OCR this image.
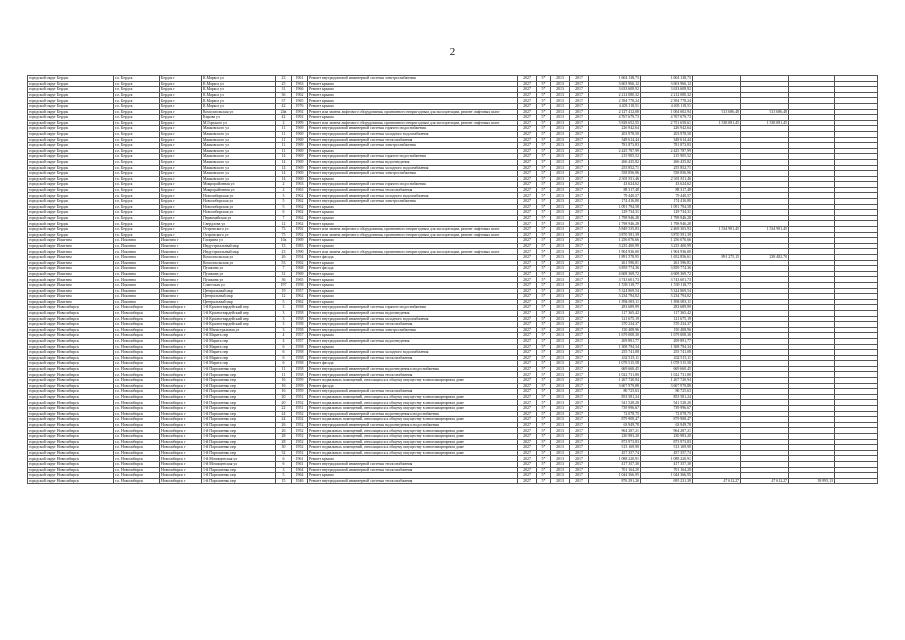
2
городской округ Бердск	г.о. Бердск	Бердск г	К.Маркса ул	23	1961	Ремонт внутридомовой инженерной системы электроснабжения	2027	5*	2013	2017	1 604 138,73	1 604 138,73				
городской округ Бердск	г.о. Бердск	Бердск г	К.Маркса ул	25	1963	Ремонт крыши	2027	5*	2013	2017	3 603 966,12	3 603 966,12				
городской округ Бердск	г.о. Бердск	Бердск г	К.Маркса ул	31	1966	Ремонт крыши	2027	5*	2013	2017	3 633 608,92	3 633 608,92				
городской округ Бердск	г.о. Бердск	Бердск г	К.Маркса ул	36	1962	Ремонт крыши	2027	5*	2013	2017	2 212 080,32	2 212 080,32				
городской округ Бердск	г.о. Бердск	Бердск г	К.Маркса ул	37	1965	Ремонт крыши	2027	5*	2013	2017	2 394 778,24	2 394 778,24				
городской округ Бердск	г.о. Бердск	Бердск г	К.Маркса ул	42	1976	Ремонт крыши	2027	5*	2013	2017	4 403 118,51	4 403 118,51				
городской округ Бердск	г.о. Бердск	Бердск г	Комсомольская ул	24в	1992	Ремонт или замена лифтового оборудования, признанного непригодным для эксплуатации, ремонт лифтовых шахт	2027	5*	2013	2017	2 127 412,08	1 004 602,94	513 686,48	513 686,48		
городской округ Бердск	г.о. Бердск	Бердск г	Кирова ул	42	1992	Ремонт крыши	2027	5*	2013	2017	4 767 679,73	4 767 679,73				
городской округ Бердск	г.о. Бердск	Бердск г	М.Горького ул	2	1999	Ремонт или замена лифтового оборудования, признанного непригодным для эксплуатации, ремонт лифтовых шахт	2027	5*	2013	2017	5 828 652,55	2 751 658,61	1 538 081,45	1 538 081,45		
городской округ Бердск	г.о. Бердск	Бердск г	Маяковского ул	11	1969	Ремонт внутридомовой инженерной системы горячего водоснабжения	2027	5*	2013	2017	226 942,64	226 942,64				
городской округ Бердск	г.о. Бердск	Бердск г	Маяковского ул	11	1969	Ремонт внутридомовой инженерной системы холодного водоснабжения	2027	5*	2013	2017	203 978,50	203 978,50				
городской округ Бердск	г.о. Бердск	Бердск г	Маяковского ул	11	1969	Ремонт внутридомовой инженерной системы теплоснабжения	2027	5*	2013	2017	348 614,44	348 614,44				
городской округ Бердск	г.о. Бердск	Бердск г	Маяковского ул	11	1969	Ремонт внутридомовой инженерной системы электроснабжения	2027	5*	2013	2017	781 873,83	781 873,83				
городской округ Бердск	г.о. Бердск	Бердск г	Маяковского ул	11	1969	Ремонт крыши	2027	5*	2013	2017	2 425 787,99	2 425 787,99				
городской округ Бердск	г.о. Бердск	Бердск г	Маяковского ул	14	1969	Ремонт внутридомовой инженерной системы горячего водоснабжения	2027	5*	2013	2017	215 905,52	215 905,52				
городской округ Бердск	г.о. Бердск	Бердск г	Маяковского ул	14	1969	Ремонт внутридомовой инженерной системы водоотведения	2027	5*	2013	2017	266 435,82	266 435,82				
городской округ Бердск	г.о. Бердск	Бердск г	Маяковского ул	14	1969	Ремонт внутридомовой инженерной системы холодного водоснабжения	2027	5*	2013	2017	255 852,71	255 852,71				
городской округ Бердск	г.о. Бердск	Бердск г	Маяковского ул	14	1969	Ремонт внутридомовой инженерной системы электроснабжения	2027	5*	2013	2017	558 856,96	558 856,96				
городской округ Бердск	г.о. Бердск	Бердск г	Маяковского ул	14	1969	Ремонт крыши	2027	5*	2013	2017	2 301 811,46	2 301 811,46				
городской округ Бердск	г.о. Бердск	Бердск г	Микрорайонная ул	2	1963	Ремонт внутридомовой инженерной системы горячего водоснабжения	2027	5*	2013	2017	43 624,62	43 624,62				
городской округ Бердск	г.о. Бердск	Бердск г	Микрорайонная ул	2	1963	Ремонт внутридомовой инженерной системы теплоснабжения	2027	5*	2013	2017	88 317,48	88 317,48				
городской округ Бердск	г.о. Бердск	Бердск г	Новосибирская ул	5	1962	Ремонт внутридомовой инженерной системы холодного водоснабжения	2027	5*	2013	2017	79 440,57	79 440,57				
городской округ Бердск	г.о. Бердск	Бердск г	Новосибирская ул	5	1962	Ремонт внутридомовой инженерной системы электроснабжения	2027	5*	2013	2017	174 416,80	174 416,80				
городской округ Бердск	г.о. Бердск	Бердск г	Новосибирская ул	5	1962	Ремонт крыши	2027	5*	2013	2017	1 091 794,58	1 091 794,58				
городской округ Бердск	г.о. Бердск	Бердск г	Новосибирская ул	6	1962	Ремонт крыши	2027	5*	2013	2017	129 734,31	129 734,31				
городской округ Бердск	г.о. Бердск	Бердск г	Первомайская ул	7	1962	Ремонт крыши	2027	5*	2013	2017	1 798 946,28	1 798 946,28				
городской округ Бердск	г.о. Бердск	Бердск г	Свердлова ул	12	1962	Ремонт крыши	2027	5*	2013	2017	1 798 946,28	1 798 946,28				
городской округ Бердск	г.о. Бердск	Бердск г	Островского ул	73	1992	Ремонт или замена лифтового оборудования, признанного непригодным для эксплуатации, ремонт лифтовых шахт	2027	5*	2013	2017	5 849 535,83	2 469 303,93	1 534 981,45	1 534 981,45		
городской округ Бердск	г.о. Бердск	Бердск г	Островского ул	75	1992	Ремонт или замена лифтового оборудования, признанного непригодным для эксплуатации, ремонт лифтовых шахт	2027	5*	2013	2017	3 870 591,39	3 870 591,39				
городской округ Искитим	г.о. Искитим	Искитим г	Гагарина ул	10а	1969	Ремонт крыши	2027	5*	2013	2017	1 256 076,66	1 256 076,66				
городской округ Искитим	г.о. Искитим	Искитим г	Индустриальный мкр	15	1983	Ремонт крыши	2027	5*	2013	2017	3 235 400,99	3 235 400,99				
городской округ Искитим	г.о. Искитим	Искитим г	Индустриальный мкр	23	1990	Ремонт или замена лифтового оборудования, признанного непригодным для эксплуатации, ремонт лифтовых шахт	2027	5*	2013	2017	1 904 936,00	1 904 936,00				
городской округ Искитим	г.о. Искитим	Искитим г	Комсомольская ул	26	1954	Ремонт фасада	2027	5*	2013	2017	1 891 578,95	1 652 856,61	891 275,15	238 482,70		
городской округ Искитим	г.о. Искитим	Искитим г	Комсомольская ул	53	1962	Ремонт крыши	2027	5*	2013	2017	261 596,81	261 596,81				
городской округ Искитим	г.о. Искитим	Искитим г	Пушкина ул	7	1968	Ремонт фасада	2027	5*	2013	2017	3 859 774,36	3 859 774,36				
городской округ Искитим	г.о. Искитим	Искитим г	Пушкина ул	31	1969	Ремонт крыши	2027	5*	2013	2017	4 608 369,72	4 608 369,72				
городской округ Искитим	г.о. Искитим	Искитим г	Пушкина ул	36	1965	Ремонт крыши	2027	5*	2013	2017	3 743 601,73	3 743 601,73				
городской округ Искитим	г.о. Искитим	Искитим г	Советская ул	197	1958	Ремонт крыши	2027	5*	2013	2017	1 539 118,77	1 539 118,77				
городской округ Искитим	г.о. Искитим	Искитим г	Центральный мкр	19	1957	Ремонт крыши	2027	5*	2013	2017	5 324 869,54	5 324 869,54				
городской округ Искитим	г.о. Искитим	Искитим г	Центральный мкр	12	1962	Ремонт крыши	2027	5*	2013	2017	3 234 794,02	3 234 794,02				
городской округ Искитим	г.о. Искитим	Искитим г	Центральный мкр	5	1962	Ремонт крыши	2027	5*	2013	2017	1 894 693,11	1 894 693,11				
городской округ Новосибирск	г.о. Новосибирск	Новосибирск г	1-й Красногвардейский пер	3	1958	Ремонт внутридомовой инженерной системы горячего водоснабжения	2027	5*	2013	2017	283 689,99	283 689,99				
городской округ Новосибирск	г.о. Новосибирск	Новосибирск г	1-й Красногвардейский пер	3	1958	Ремонт внутридомовой инженерной системы водоотведения	2027	5*	2013	2017	117 365,42	117 365,42				
городской округ Новосибирск	г.о. Новосибирск	Новосибирск г	1-й Красногвардейский пер	3	1958	Ремонт внутридомовой инженерной системы холодного водоснабжения	2027	5*	2013	2017	121 675,19	121 675,19				
городской округ Новосибирск	г.о. Новосибирск	Новосибирск г	1-й Красногвардейский пер	3	1958	Ремонт внутридомовой инженерной системы теплоснабжения	2027	5*	2013	2017	370 234,37	370 234,37				
городской округ Новосибирск	г.о. Новосибирск	Новосибирск г	1-й Магистральная ул	3	1958	Ремонт внутридомовой инженерной системы электроснабжения	2027	5*	2013	2017	150 408,96	150 408,96				
городской округ Новосибирск	г.о. Новосибирск	Новосибирск г	1-й Марата пер	4	1957	Ремонт крыши	2027	5*	2013	2017	1 679 008,30	1 679 008,30				
городской округ Новосибирск	г.о. Новосибирск	Новосибирск г	1-й Марата пер	4	1957	Ремонт внутридомовой инженерной системы водоотведения	2027	5*	2013	2017	209 891,77	209 891,77				
городской округ Новосибирск	г.о. Новосибирск	Новосибирск г	1-й Марата пер	6	1958	Ремонт крыши	2027	5*	2013	2017	1 308 794,34	1 308 794,34				
городской округ Новосибирск	г.о. Новосибирск	Новосибирск г	1-й Марата пер	6	1958	Ремонт внутридомовой инженерной системы холодного водоснабжения	2027	5*	2013	2017	255 741,08	255 741,08				
городской округ Новосибирск	г.о. Новосибирск	Новосибирск г	1-й Марата пер	6	1958	Ремонт внутридомовой инженерной системы теплоснабжения	2027	5*	2013	2017	432 515,11	432 515,11				
городской округ Новосибирск	г.о. Новосибирск	Новосибирск г	1-й Марата пер	6	1958	Ремонт фасада	2027	5*	2013	2017	1 078 515,58	1 078 515,58				
городской округ Новосибирск	г.о. Новосибирск	Новосибирск г	1-й Пархоменко пер	11	1958	Ремонт внутридомовой инженерной системы водоотведения и водоснабжения	2027	5*	2013	2017	669 660,45	669 660,45				
городской округ Новосибирск	г.о. Новосибирск	Новосибирск г	1-й Пархоменко пер	11	1958	Ремонт внутридомовой инженерной системы теплоснабжения	2027	5*	2013	2017	1 022 731,80	1 022 731,80				
городской округ Новосибирск	г.о. Новосибирск	Новосибирск г	1-й Пархоменко пер	16	1959	Ремонт подвальных помещений, относящихся к общему имуществу в многоквартирном доме	2027	5*	2013	2017	1 267 720,94	1 267 720,94				
городской округ Новосибирск	г.о. Новосибирск	Новосибирск г	1-й Пархоменко пер	16	1959	Ремонт фасада	2027	5*	2013	2017	3 607 979,88	3 607 979,88				
городской округ Новосибирск	г.о. Новосибирск	Новосибирск г	1-й Пархоменко пер	16	1959	Ремонт внутридомовой инженерной системы теплоснабжения	2027	5*	2013	2017	80 725,63	80 725,63				
городской округ Новосибирск	г.о. Новосибирск	Новосибирск г	1-й Пархоменко пер	20	1952	Ремонт подвальных помещений, относящихся к общему имуществу в многоквартирном доме	2027	5*	2013	2017	853 581,24	853 581,24				
городской округ Новосибирск	г.о. Новосибирск	Новосибирск г	1-й Пархоменко пер	20	1952	Ремонт подвальных помещений, относящихся к общему имуществу в многоквартирном доме	2027	5*	2013	2017	541 528,20	541 528,20				
городской округ Новосибирск	г.о. Новосибирск	Новосибирск г	1-й Пархоменко пер	22	1951	Ремонт подвальных помещений, относящихся к общему имуществу в многоквартирном доме	2027	5*	2013	2017	739 996,67	739 996,67				
городской округ Новосибирск	г.о. Новосибирск	Новосибирск г	1-й Пархоменко пер	24	1952	Ремонт внутридомовой инженерной системы водоотведения и водоснабжения	2027	5*	2013	2017	72 078,75	72 078,75				
городской округ Новосибирск	г.о. Новосибирск	Новосибирск г	1-й Пархоменко пер	24	1952	Ремонт подвальных помещений, относящихся к общему имуществу в многоквартирном доме	2027	5*	2013	2017	879 908,47	879 908,47				
городской округ Новосибирск	г.о. Новосибирск	Новосибирск г	1-й Пархоменко пер	26	1952	Ремонт внутридомовой инженерной системы водоотведения и водоснабжения	2027	5*	2013	2017	63 949,78	63 949,78				
городской округ Новосибирск	г.о. Новосибирск	Новосибирск г	1-й Пархоменко пер	26	1952	Ремонт подвальных помещений, относящихся к общему имуществу в многоквартирном доме	2027	5*	2013	2017	964 287,21	964 287,21				
городской округ Новосибирск	г.о. Новосибирск	Новосибирск г	1-й Пархоменко пер	28	1952	Ремонт подвальных помещений, относящихся к общему имуществу в многоквартирном доме	2027	5*	2013	2017	230 983,20	230 983,20				
городской округ Новосибирск	г.о. Новосибирск	Новосибирск г	1-й Пархоменко пер	28	1952	Ремонт подвальных помещений, относящихся к общему имуществу в многоквартирном доме	2027	5*	2013	2017	873 973,83	873 973,83				
городской округ Новосибирск	г.о. Новосибирск	Новосибирск г	1-й Пархоменко пер	30	1952	Ремонт подвальных помещений, относящихся к общему имуществу в многоквартирном доме	2027	5*	2013	2017	513 169,90	513 169,90				
городской округ Новосибирск	г.о. Новосибирск	Новосибирск г	1-й Пархоменко пер	32	1952	Ремонт подвальных помещений, относящихся к общему имуществу в многоквартирном доме	2027	5*	2013	2017	457 357,74	457 357,74				
городской округ Новосибирск	г.о. Новосибирск	Новосибирск г	1-й Мочищенская ул	6	1961	Ремонт крыши	2027	5*	2013	2017	1 088 220,91	1 088 220,91				
городской округ Новосибирск	г.о. Новосибирск	Новосибирск г	1-й Мочищенская ул	6	1961	Ремонт внутридомовой инженерной системы теплоснабжения	2027	5*	2013	2017	417 357,30	417 357,30				
городской округ Новосибирск	г.о. Новосибирск	Новосибирск г	1-й Пархоменко пер	3	1964	Ремонт внутридомовой инженерной системы теплоснабжения	2027	5*	2013	2017	701 164,20	701 164,20				
городской округ Новосибирск	г.о. Новосибирск	Новосибирск г	1-й Пархоменко пер	5	1964	Ремонт крыши	2027	5*	2013	2017	1 044 366,95	1 044 366,95				
городской округ Новосибирск	г.о. Новосибирск	Новосибирск г	1-й Пархоменко пер	15	1946	Ремонт внутридомовой инженерной системы теплоснабжения	2027	5*	2013	2017	876 291,26	695 231,39	47 612,27	47 612,27	39 995,13	
